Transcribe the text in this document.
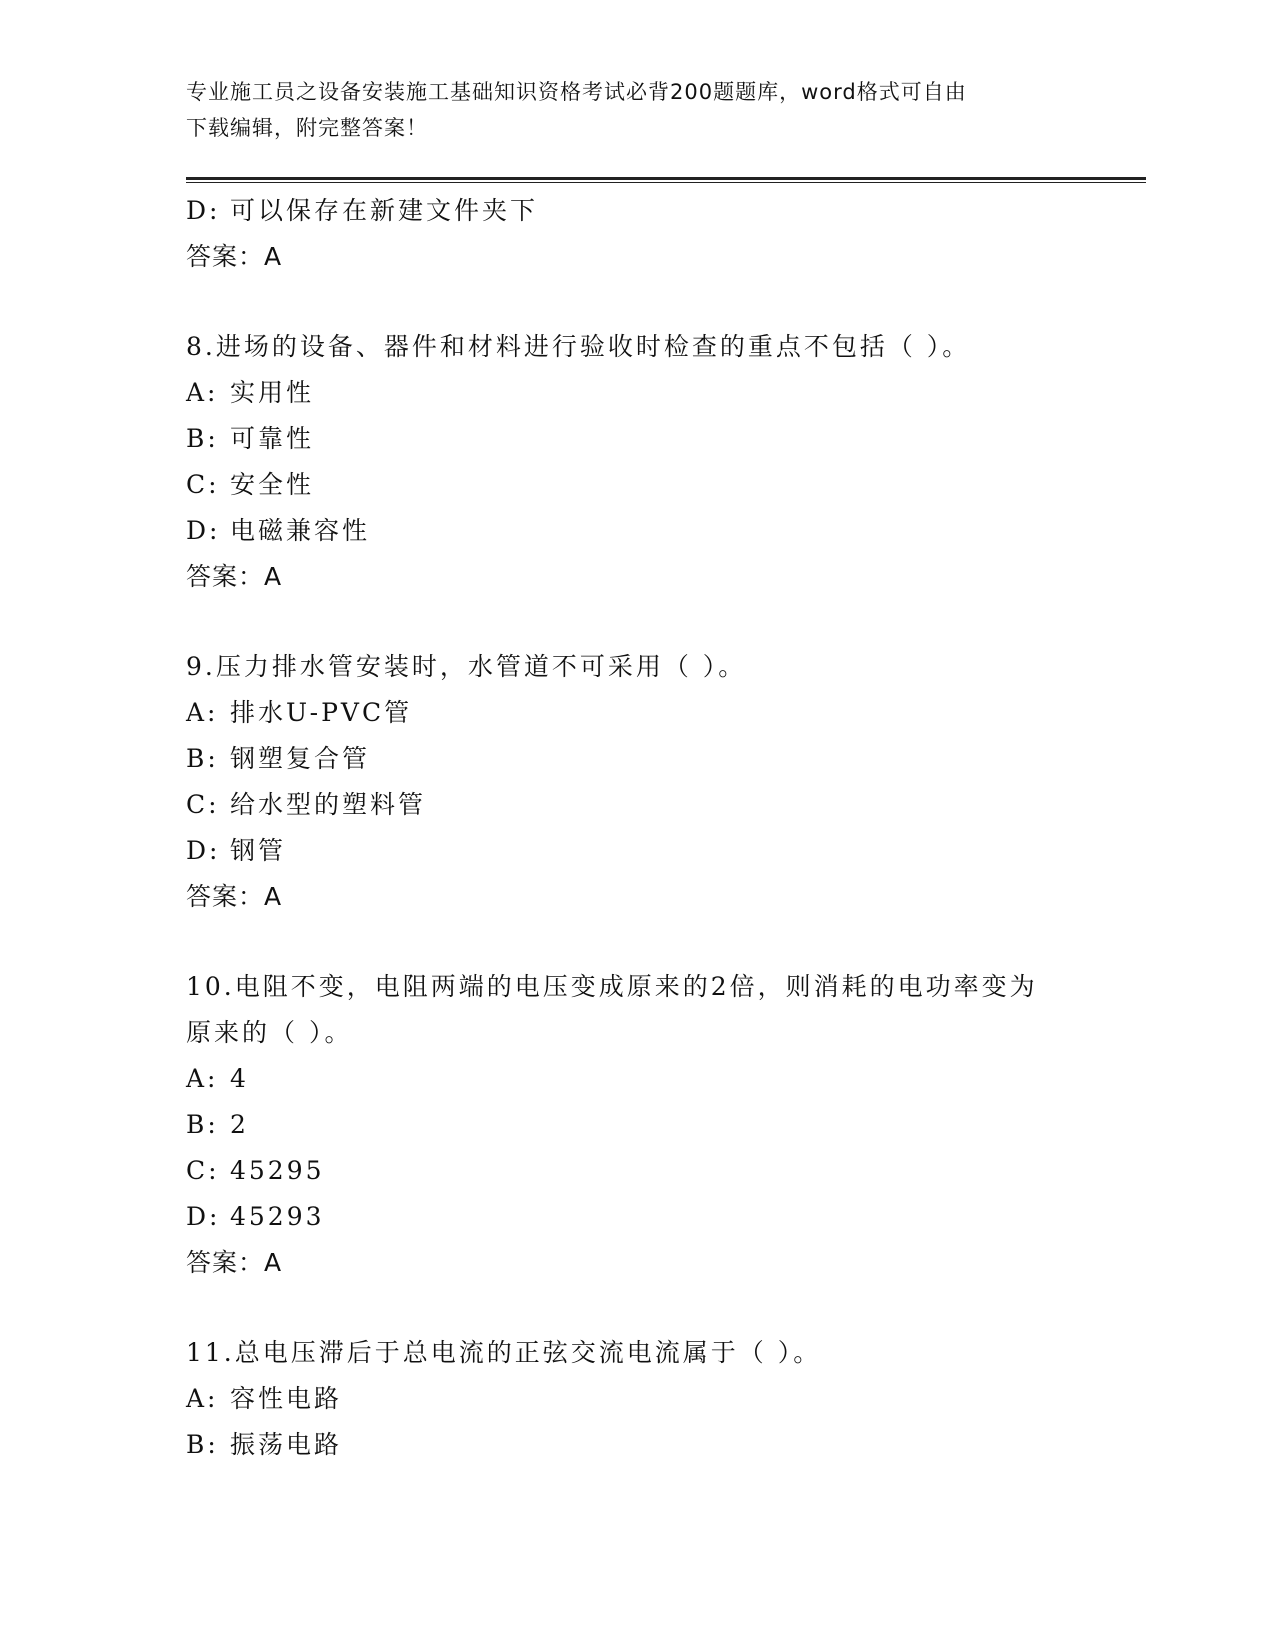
专业施工员之设备安装施工基础知识资格考试必背200题题库，word格式可自由
下载编辑，附完整答案！
D: 可以保存在新建文件夹下
答案：A
8.进场的设备、器件和材料进行验收时检查的重点不包括（ ）。
A: 实用性
B: 可靠性
C: 安全性
D: 电磁兼容性
答案：A
9.压力排水管安装时，水管道不可采用（ ）。
A: 排水U-PVC管
B: 钢塑复合管
C: 给水型的塑料管
D: 钢管
答案：A
10.电阻不变，电阻两端的电压变成原来的2倍，则消耗的电功率变为
原来的（ ）。
A: 4
B: 2
C: 45295
D: 45293
答案：A
11.总电压滞后于总电流的正弦交流电流属于（ ）。
A: 容性电路
B: 振荡电路
